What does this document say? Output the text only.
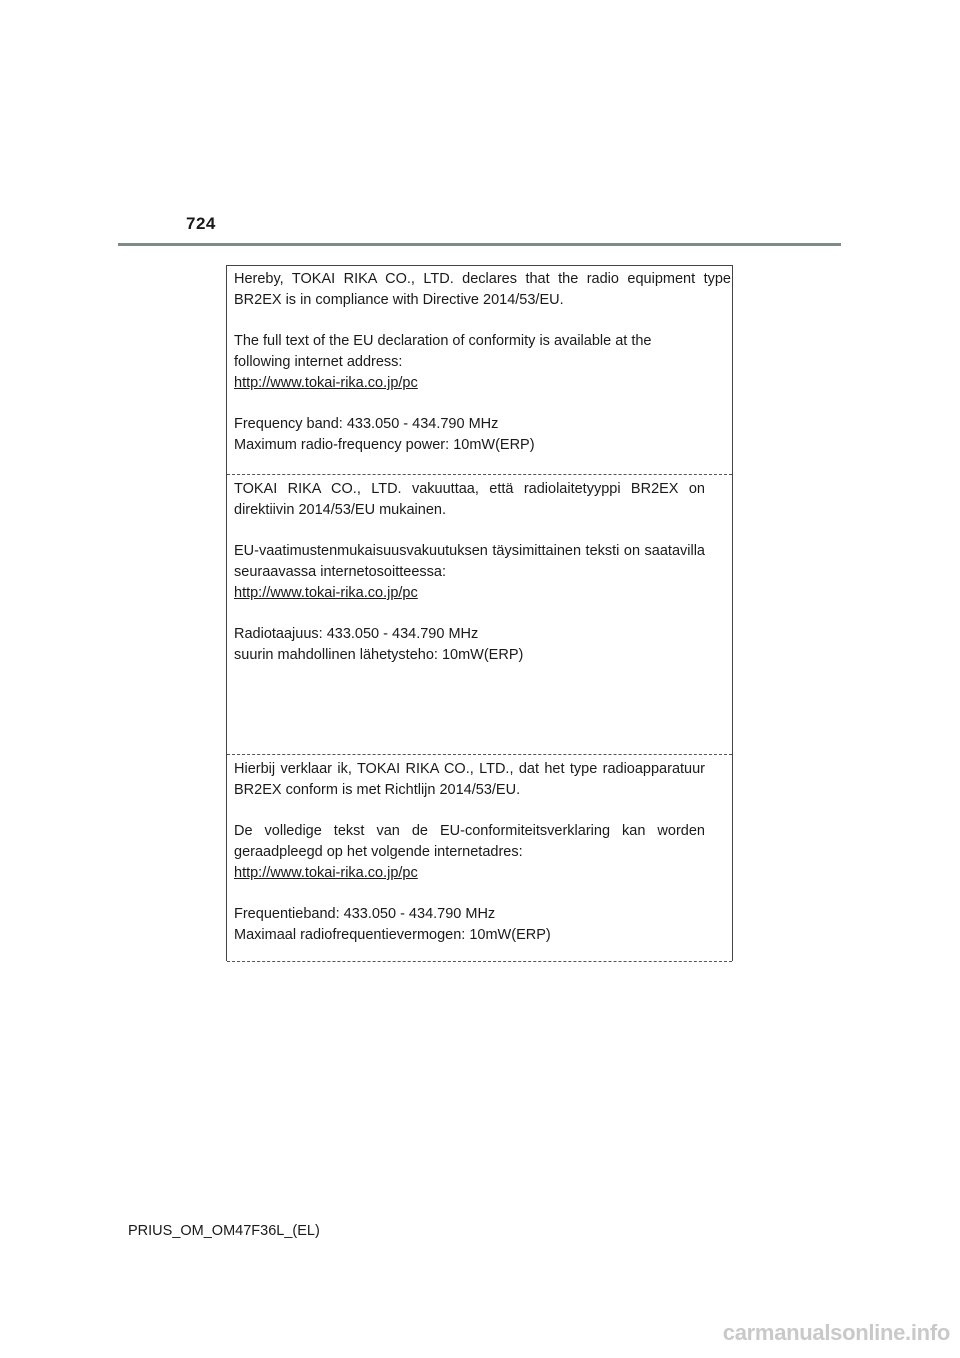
724

Hereby, TOKAI RIKA CO., LTD. declares that the radio equipment type BR2EX is in compliance with Directive 2014/53/EU.

The full text of the EU declaration of conformity is available at the following internet address:
http://www.tokai-rika.co.jp/pc

Frequency band: 433.050 - 434.790 MHz
Maximum radio-frequency power: 10mW(ERP)

TOKAI RIKA CO., LTD. vakuuttaa, että radiolaitetyyppi BR2EX on direktiivin 2014/53/EU mukainen.

EU-vaatimustenmukaisuusvakuutuksen täysimittainen teksti on saatavilla seuraavassa internetosoitteessa:
http://www.tokai-rika.co.jp/pc

Radiotaajuus: 433.050 - 434.790 MHz
suurin mahdollinen lähetysteho: 10mW(ERP)

Hierbij verklaar ik, TOKAI RIKA CO., LTD., dat het type radioapparatuur BR2EX conform is met Richtlijn 2014/53/EU.

De volledige tekst van de EU-conformiteitsverklaring kan worden geraadpleegd op het volgende internetadres:
http://www.tokai-rika.co.jp/pc

Frequentieband: 433.050 - 434.790 MHz
Maximaal radiofrequentievermogen: 10mW(ERP)

PRIUS_OM_OM47F36L_(EL)
carmanualsonline.info
